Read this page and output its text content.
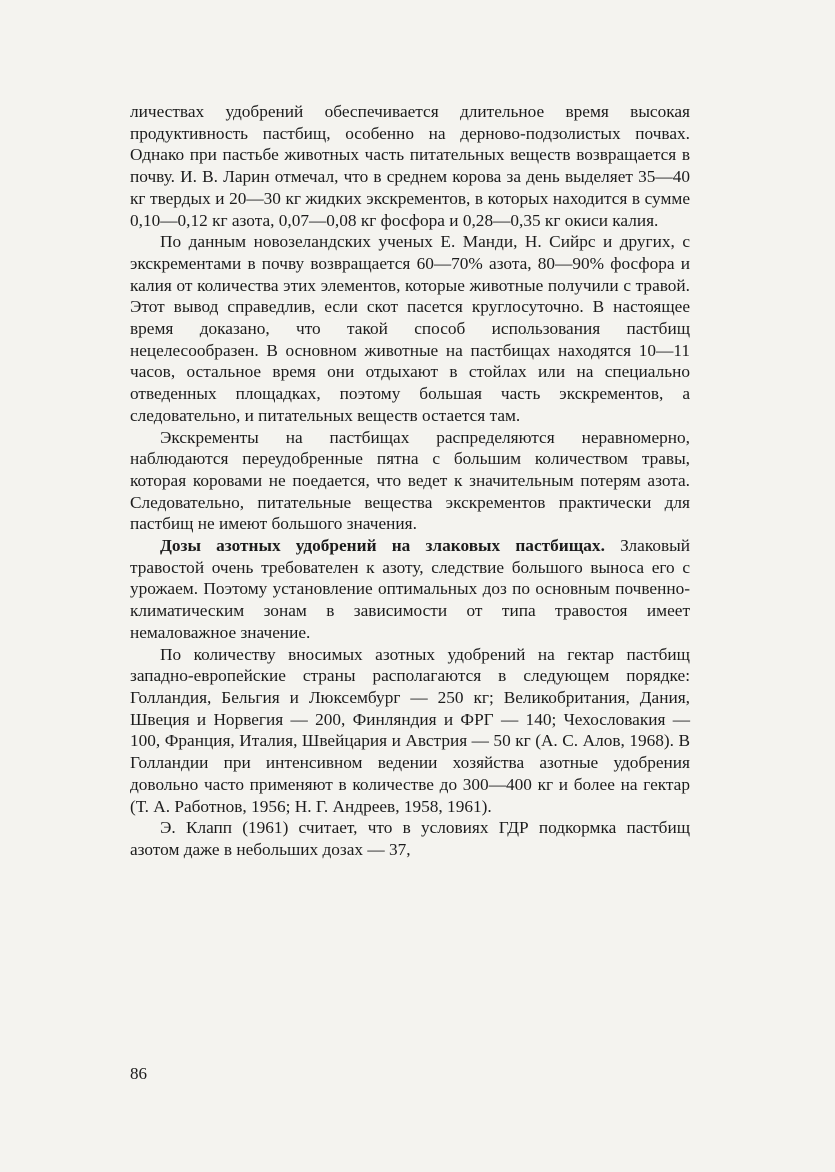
личествах удобрений обеспечивается длительное время высокая продуктивность пастбищ, особенно на дерново-подзолистых почвах. Однако при пастьбе животных часть питательных веществ возвращается в почву. И. В. Ларин отмечал, что в среднем корова за день выделяет 35—40 кг твердых и 20—30 кг жидких экскрементов, в которых находится в сумме 0,10—0,12 кг азота, 0,07—0,08 кг фосфора и 0,28—0,35 кг окиси калия.

По данным новозеландских ученых Е. Манди, Н. Сийрс и других, с экскрементами в почву возвращается 60—70% азота, 80—90% фосфора и калия от количества этих элементов, которые животные получили с травой. Этот вывод справедлив, если скот пасется круглосуточно. В настоящее время доказано, что такой способ использования пастбищ нецелесообразен. В основном животные на пастбищах находятся 10—11 часов, остальное время они отдыхают в стойлах или на специально отведенных площадках, поэтому большая часть экскрементов, а следовательно, и питательных веществ остается там.

Экскременты на пастбищах распределяются неравномерно, наблюдаются переудобренные пятна с большим количеством травы, которая коровами не поедается, что ведет к значительным потерям азота. Следовательно, питательные вещества экскрементов практически для пастбищ не имеют большого значения.

Дозы азотных удобрений на злаковых пастбищах. Злаковый травостой очень требователен к азоту, следствие большого выноса его с урожаем. Поэтому установление оптимальных доз по основным почвенно-климатическим зонам в зависимости от типа травостоя имеет немаловажное значение.

По количеству вносимых азотных удобрений на гектар пастбищ западно-европейские страны располагаются в следующем порядке: Голландия, Бельгия и Люксембург — 250 кг; Великобритания, Дания, Швеция и Норвегия — 200, Финляндия и ФРГ — 140; Чехословакия — 100, Франция, Италия, Швейцария и Австрия — 50 кг (А. С. Алов, 1968). В Голландии при интенсивном ведении хозяйства азотные удобрения довольно часто применяют в количестве до 300—400 кг и более на гектар (Т. А. Работнов, 1956; Н. Г. Андреев, 1958, 1961).

Э. Клапп (1961) считает, что в условиях ГДР подкормка пастбищ азотом даже в небольших дозах — 37,

86
